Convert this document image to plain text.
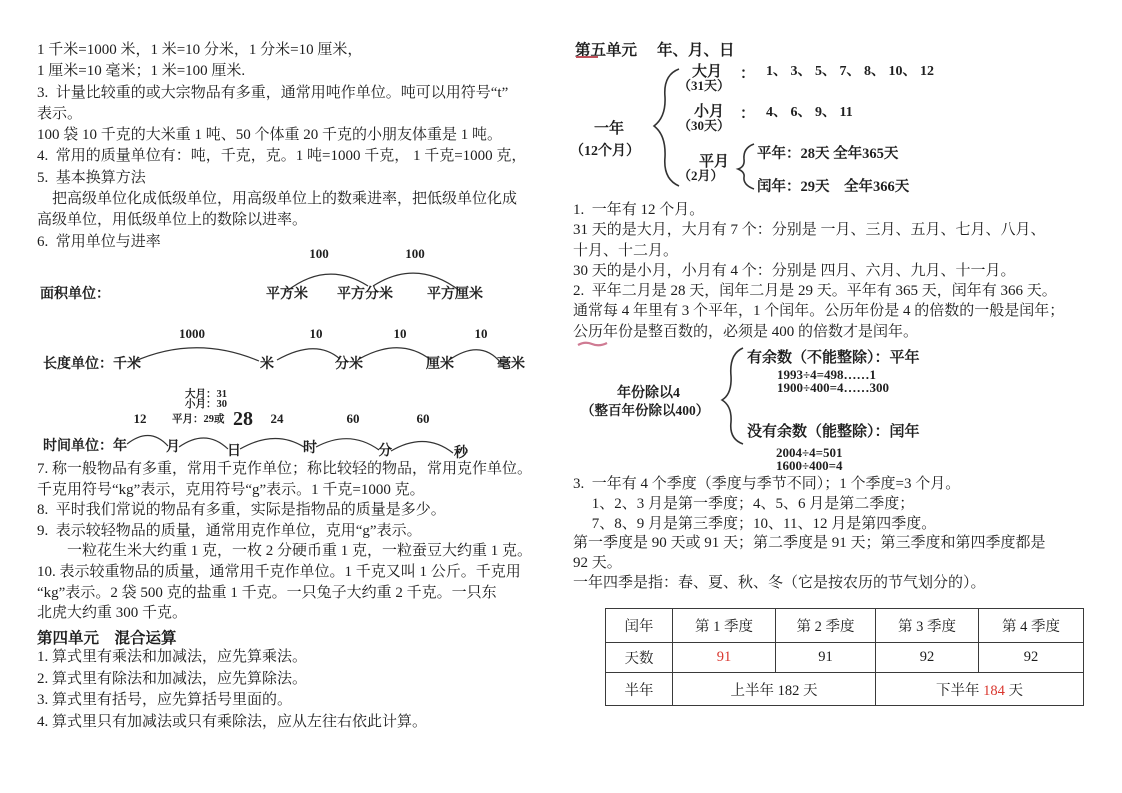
1 千米=1000 米，1 米=10 分米，1 分米=10 厘米，
1 厘米=10 毫米；1 米=100 厘米.
3.  计量比较重的或大宗物品有多重，通常用吨作单位。吨可以用符号“t”
表示。
100 袋 10 千克的大米重 1 吨、50 个体重 20 千克的小朋友体重是 1 吨。
4.  常用的质量单位有：吨，千克，克。1 吨=1000 千克， 1 千克=1000 克，
5.  基本换算方法
　把高级单位化成低级单位，用高级单位上的数乘进率，把低级单位化成
高级单位，用低级单位上的数除以进率。
6.  常用单位与进率
面积单位：
100	100
平方米 平方分米 平方厘米
长度单位：千米
1000	10	10	10
米	分米	厘米	毫米
大月：31
小月：30
平月：29或 28
12	24	60	60
时间单位：年	月	日	时	分	秒
7. 称一般物品有多重，常用千克作单位；称比较轻的物品，常用克作单位。
千克用符号“kg”表示，克用符号“g”表示。1 千克=1000 克。
8.  平时我们常说的物品有多重，实际是指物品的质量是多少。
9.  表示较轻物品的质量，通常用克作单位，克用“g”表示。
　　一粒花生米大约重 1 克，一枚 2 分硬币重 1 克，一粒蚕豆大约重 1 克。
10. 表示较重物品的质量，通常用千克作单位。1 千克又叫 1 公斤。千克用
“kg”表示。2 袋 500 克的盐重 1 千克。一只兔子大约重 2 千克。一只东
北虎大约重 300 千克。
第四单元　混合运算
1. 算式里有乘法和加减法，应先算乘法。
2. 算式里有除法和加减法，应先算除法。
3. 算式里有括号，应先算括号里面的。
4. 算式里只有加减法或只有乘除法，应从左往右依此计算。
第五单元 年、月、日
一年
（12个月）
大月 ： 1、 3、 5、 7、 8、 10、 12
（31天）
小月 ： 4、 6、 9、 11
（30天）
平月
（2月）
平年：28天 全年365天
闰年：29天　全年366天
1.  一年有 12 个月。
31 天的是大月，大月有 7 个：分别是 一月、三月、五月、七月、八月、
十月、十二月。
30 天的是小月，小月有 4 个：分别是 四月、六月、九月、十一月。
2.  平年二月是 28 天，闰年二月是 29 天。平年有 365 天，闰年有 366 天。
通常每 4 年里有 3 个平年，1 个闰年。公历年份是 4 的倍数的一般是闰年；
公历年份是整百数的，必须是 400 的倍数才是闰年。
年份除以4
（整百年份除以400）
有余数（不能整除）：平年
1993÷4=498……1
1900÷400=4……300
没有余数（能整除）：闰年
2004÷4=501
1600÷400=4
3.  一年有 4 个季度（季度与季节不同）；1 个季度=3 个月。
　 1、2、3 月是第一季度；4、5、6 月是第二季度；
　 7、8、9 月是第三季度；10、11、12 月是第四季度。
第一季度是 90 天或 91 天；第二季度是 91 天；第三季度和第四季度都是
92 天。
一年四季是指：春、夏、秋、冬（它是按农历的节气划分的）。
闰年	第 1 季度	第 2 季度	第 3 季度	第 4 季度
天数	91	91	92	92
半年	上半年 182 天		下半年 184 天	
